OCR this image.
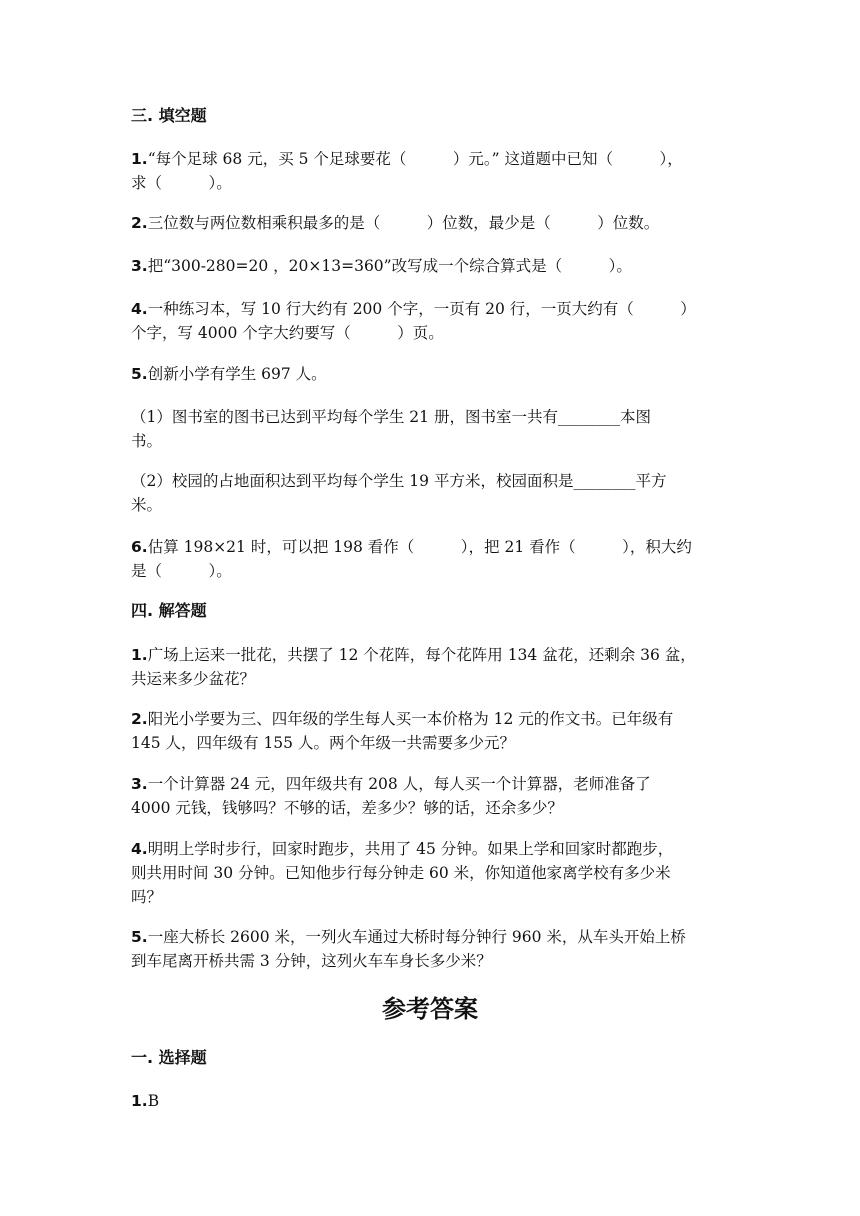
三. 填空题
1.“每个足球 68 元，买 5 个足球要花（　　　）元。” 这道题中已知（　　　），
求（　　　）。
2.三位数与两位数相乘积最多的是（　　　）位数，最少是（　　　）位数。
3.把“300-280=20 ，20×13=360”改写成一个综合算式是（　　　）。
4.一种练习本，写 10 行大约有 200 个字，一页有 20 行，一页大约有（　　　）
个字，写 4000 个字大约要写（　　　）页。
5.创新小学有学生 697 人。
（1）图书室的图书已达到平均每个学生 21 册，图书室一共有________本图
书。
（2）校园的占地面积达到平均每个学生 19 平方米，校园面积是________平方
米。
6.估算 198×21 时，可以把 198 看作（　　　），把 21 看作（　　　），积大约
是（　　　）。
四. 解答题
1.广场上运来一批花，共摆了 12 个花阵，每个花阵用 134 盆花，还剩余 36 盆，
共运来多少盆花？
2.阳光小学要为三、四年级的学生每人买一本价格为 12 元的作文书。已年级有
145 人，四年级有 155 人。两个年级一共需要多少元？
3.一个计算器 24 元，四年级共有 208 人，每人买一个计算器，老师准备了
4000 元钱，钱够吗？不够的话，差多少？够的话，还余多少？
4.明明上学时步行，回家时跑步，共用了 45 分钟。如果上学和回家时都跑步，
则共用时间 30 分钟。已知他步行每分钟走 60 米，你知道他家离学校有多少米
吗？
5.一座大桥长 2600 米，一列火车通过大桥时每分钟行 960 米，从车头开始上桥
到车尾离开桥共需 3 分钟，这列火车车身长多少米？
参考答案
一. 选择题
1.B
